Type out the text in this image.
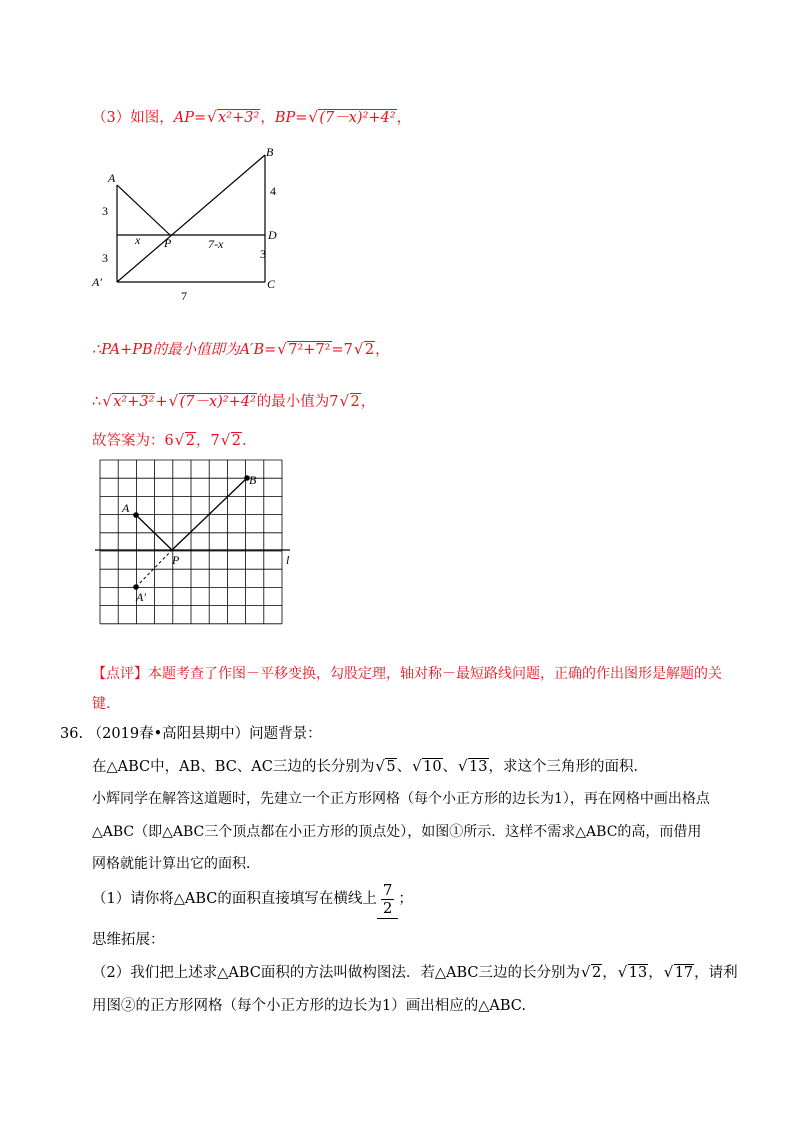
（3）如图，AP= √ x²+3²，BP= √ (7－x)²+4²，
A
B
P
D
C
A′
3
3
x	7-x
4
3
7
∴PA+PB的最小值即为A′B= √ 7²+7²=7 √ 2，
∴ √ x²+3²+ √ (7－x)²+4²的最小值为7 √ 2，
故答案为：6 √ 2，7 √ 2.
A
B
P	l
A′
【点评】本题考查了作图－平移变换，勾股定理，轴对称－最短路线问题，正确的作出图形是解题的关
键.
36. （2019春•高阳县期中）问题背景：
在△ABC中，AB、BC、AC三边的长分别为 √ 5、 √ 10、 √ 13，求这个三角形的面积．
小辉同学在解答这道题时，先建立一个正方形网格（每个小正方形的边长为1），再在网格中画出格点
△ABC（即△ABC三个顶点都在小正方形的顶点处），如图①所示．这样不需求△ABC的高，而借用
网格就能计算出它的面积．
（1）请你将△ABC的面积直接填写在横线上 $\frac{7}{2}$ ；
思维拓展：
（2）我们把上述求△ABC面积的方法叫做构图法．若△ABC三边的长分别为 √ 2， √ 13， √ 17，请利
用图②的正方形网格（每个小正方形的边长为1）画出相应的△ABC.
